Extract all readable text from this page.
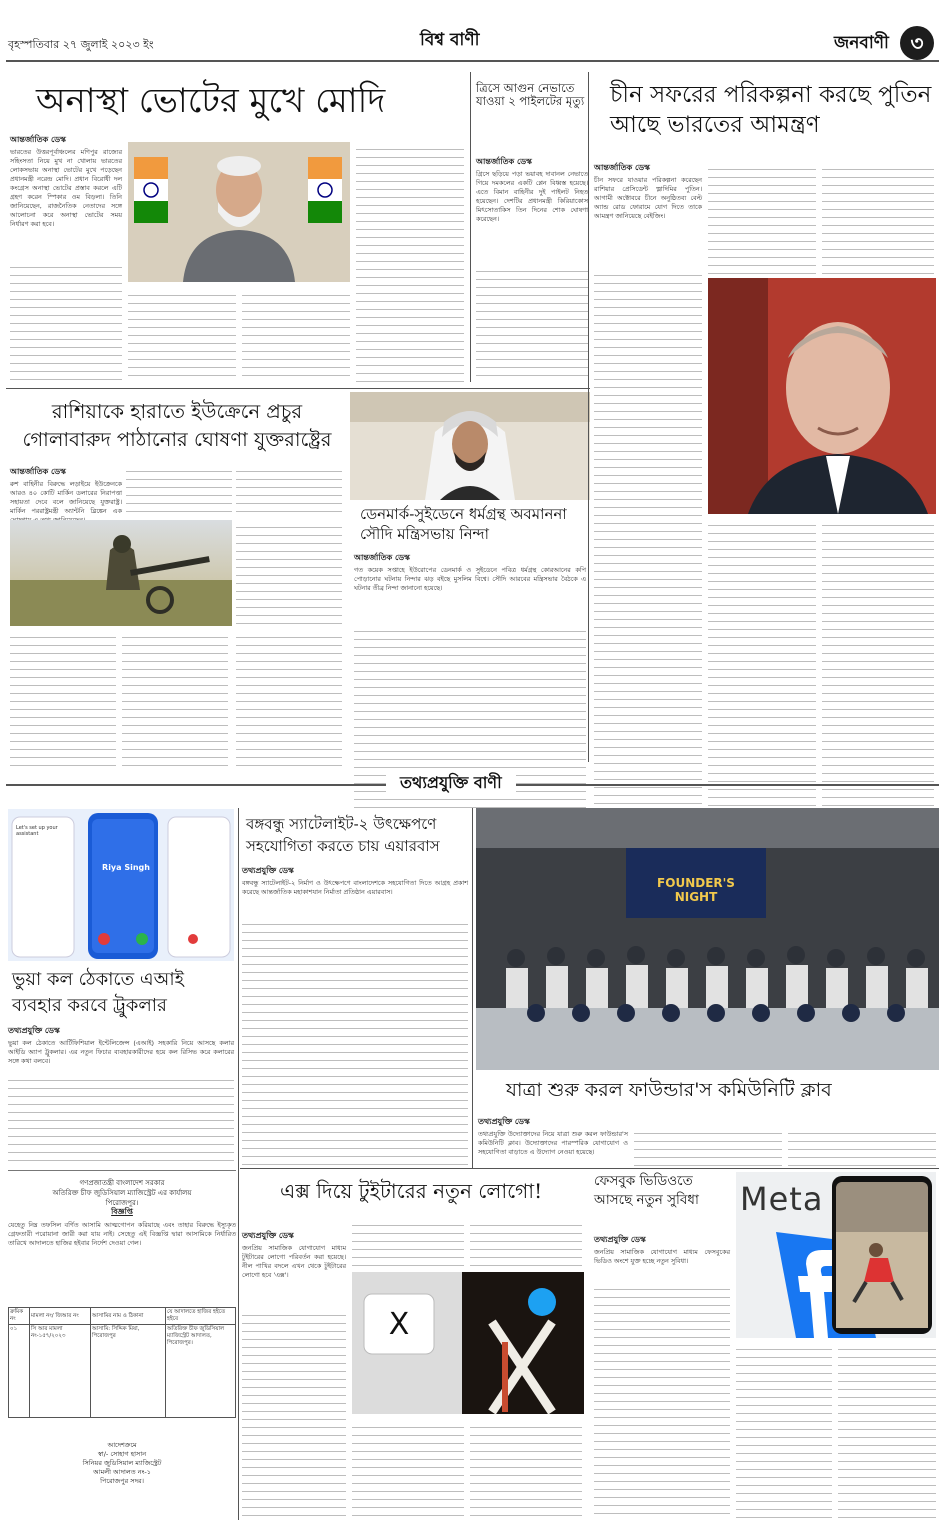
বৃহস্পতিবার ২৭ জুলাই ২০২৩ ইং	বিশ্ব বাণী	জনবাণী	৩
অনাস্থা ভোটের মুখে মোদি
আন্তর্জাতিক ডেস্ক
ভারতের উত্তরপূর্বাঞ্চলের মণিপুর রাজ্যের সহিংসতা নিয়ে মুখ না খোলায় ভারতের লোকসভায় অনাস্থা ভোটের মুখে পড়েছেন প্রধানমন্ত্রী নরেন্দ্র মোদি। প্রধান বিরোধী দল কংগ্রেস অনাস্থা ভোটের প্রস্তাব করলে এটি গ্রহণ করেন স্পিকার ওম বিড়লা। তিনি জানিয়েছেন, রাজনৈতিক নেতাদের সঙ্গে আলোচনা করে অনাস্থা ভোটের সময় নির্ধারণ করা হবে।
ত্রিসে আগুন নেভাতে যাওয়া ২ পাইলটের মৃত্যু
আন্তর্জাতিক ডেস্ক
গ্রিসে ছড়িয়ে পড়া ভয়াবহ দাবানল নেভাতে গিয়ে দমকলের একটি প্লেন বিধ্বস্ত হয়েছে। এতে বিমান বাহিনীর দুই পাইলট নিহত হয়েছেন। দেশটির প্রধানমন্ত্রী কিরিয়াকোস মিৎসোতাকিস তিন দিনের শোক ঘোষণা করেছেন।
চীন সফরের পরিকল্পনা করছে পুতিন আছে ভারতের আমন্ত্রণ
আন্তর্জাতিক ডেস্ক
চীন সফরে যাওয়ার পরিকল্পনা করেছেন রাশিয়ার প্রেসিডেন্ট ভ্লাদিমির পুতিন। আগামী অক্টোবরে চীনে অনুষ্ঠিতব্য বেল্ট অ্যান্ড রোড ফোরামে যোগ দিতে তাকে আমন্ত্রণ জানিয়েছে বেইজিং।
রাশিয়াকে হারাতে ইউক্রেনে প্রচুর গোলাবারুদ পাঠানোর ঘোষণা যুক্তরাষ্ট্রের
আন্তর্জাতিক ডেস্ক
রুশ বাহিনীর বিরুদ্ধে লড়াইয়ে ইউক্রেনকে আরও ৪০ কোটি মার্কিন ডলারের নিরাপত্তা সহায়তা দেবে বলে জানিয়েছে যুক্তরাষ্ট্র। মার্কিন পররাষ্ট্রমন্ত্রী অ্যান্টনি ব্লিঙ্কেন এক	ডেনমার্ক-সুইডেনে ধর্মগ্রন্থ অবমাননা সৌদি মন্ত্রিসভায় নিন্দা
আন্তর্জাতিক ডেস্ক
গত কয়েক সপ্তাহে ইউরোপের ডেনমার্ক ও সুইডেনে পবিত্র ধর্মগ্রন্থ কোরআনের কপি পোড়ানোর ঘটনায় নিন্দার ঝড় বইছে মুসলিম বিশ্বে। সৌদি আরবের মন্ত্রিসভার বৈঠকে এ ঘটনার তীব্র নিন্দা জানানো হয়েছে।
তথ্যপ্রযুক্তি বাণী
Let's set up your assistant
Riya Singh
ভুয়া কল ঠেকাতে এআই ব্যবহার করবে ট্রুকলার
তথ্যপ্রযুক্তি ডেস্ক
ভুয়া কল ঠেকাতে আর্টিফিশিয়াল ইন্টেলিজেন্স (এআই) সহকারি নিয়ে আসছে কলার আইডি অ্যাপ ট্রুকলার। এর নতুন ফিচার ব্যবহারকারীদের হয়ে কল রিসিভ করে কলারের সঙ্গে কথা বলবে।
বঙ্গবন্ধু স্যাটেলাইট-২ উৎক্ষেপণে সহযোগিতা করতে চায় এয়ারবাস
তথ্যপ্রযুক্তি ডেস্ক
বঙ্গবন্ধু স্যাটেলাইট-২ নির্মাণ ও উৎক্ষেপণে বাংলাদেশকে সহযোগিতা দিতে আগ্রহ প্রকাশ করেছে আন্তর্জাতিক মহাকাশযান নির্মাতা প্রতিষ্ঠান এয়ারবাস।
FOUNDER'S NIGHT
যাত্রা শুরু করল ফাউন্ডার'স কমিউনিটি ক্লাব
তথ্যপ্রযুক্তি ডেস্ক
তথ্যপ্রযুক্তি উদ্যোক্তাদের নিয়ে যাত্রা শুরু করল ফাউন্ডার'স কমিউনিটি ক্লাব। উদ্যোক্তাদের পারস্পরিক যোগাযোগ ও সহযোগিতা বাড়াতে এ উদ্যোগ নেওয়া হয়েছে।
গণপ্রজাতন্ত্রী বাংলাদেশ সরকার
অতিরিক্ত চীফ জুডিসিয়াল ম্যাজিস্ট্রেট এর কার্যালয়
পিরোজপুর।
বিজ্ঞপ্তি
যেহেতু নিম্ন তফসিল বর্ণিত আসামি আত্মগোপন করিয়াছে এবং তাহার বিরুদ্ধে ইস্যুকৃত গ্রেফতারী পরোয়ানা জারী করা যায় নাই। সেহেতু এই বিজ্ঞপ্তি দ্বারা আসামিকে নির্ধারিত তারিখে আদালতে হাজির হইবার নির্দেশ দেওয়া গেল।
ক্রমিক নং	মামলা নং/ জিআর নং	আসামির নাম ও ঠিকানা	যে আদালতে হাজির হইতে হইবে
০১	সি আর মামলা নং-১৫৭/২০২৩	আসামি: সিদ্দিক মিয়া, পিরোজপুর	অতিরিক্ত চীফ জুডিসিয়াল ম্যাজিস্ট্রেট আদালত, পিরোজপুর।
আদেশক্রমে
স্বা/- সোহাগ হাসান
সিনিয়র জুডিসিয়াল ম্যাজিস্ট্রেট
আমলী আদালত নং-১
পিরোজপুর সদর।
এক্স দিয়ে টুইটারের নতুন লোগো!
তথ্যপ্রযুক্তি ডেস্ক
জনপ্রিয় সামাজিক যোগাযোগ মাধ্যম টুইটারের লোগো পরিবর্তন করা হয়েছে। নীল পাখির বদলে এখন থেকে টুইটারের লোগো হবে 'এক্স'।
X
ফেসবুক ভিডিওতে আসছে নতুন সুবিধা
তথ্যপ্রযুক্তি ডেস্ক
জনপ্রিয় সামাজিক যোগাযোগ মাধ্যম ফেসবুকের ভিডিও অংশে যুক্ত হচ্ছে নতুন সুবিধা।
Meta
